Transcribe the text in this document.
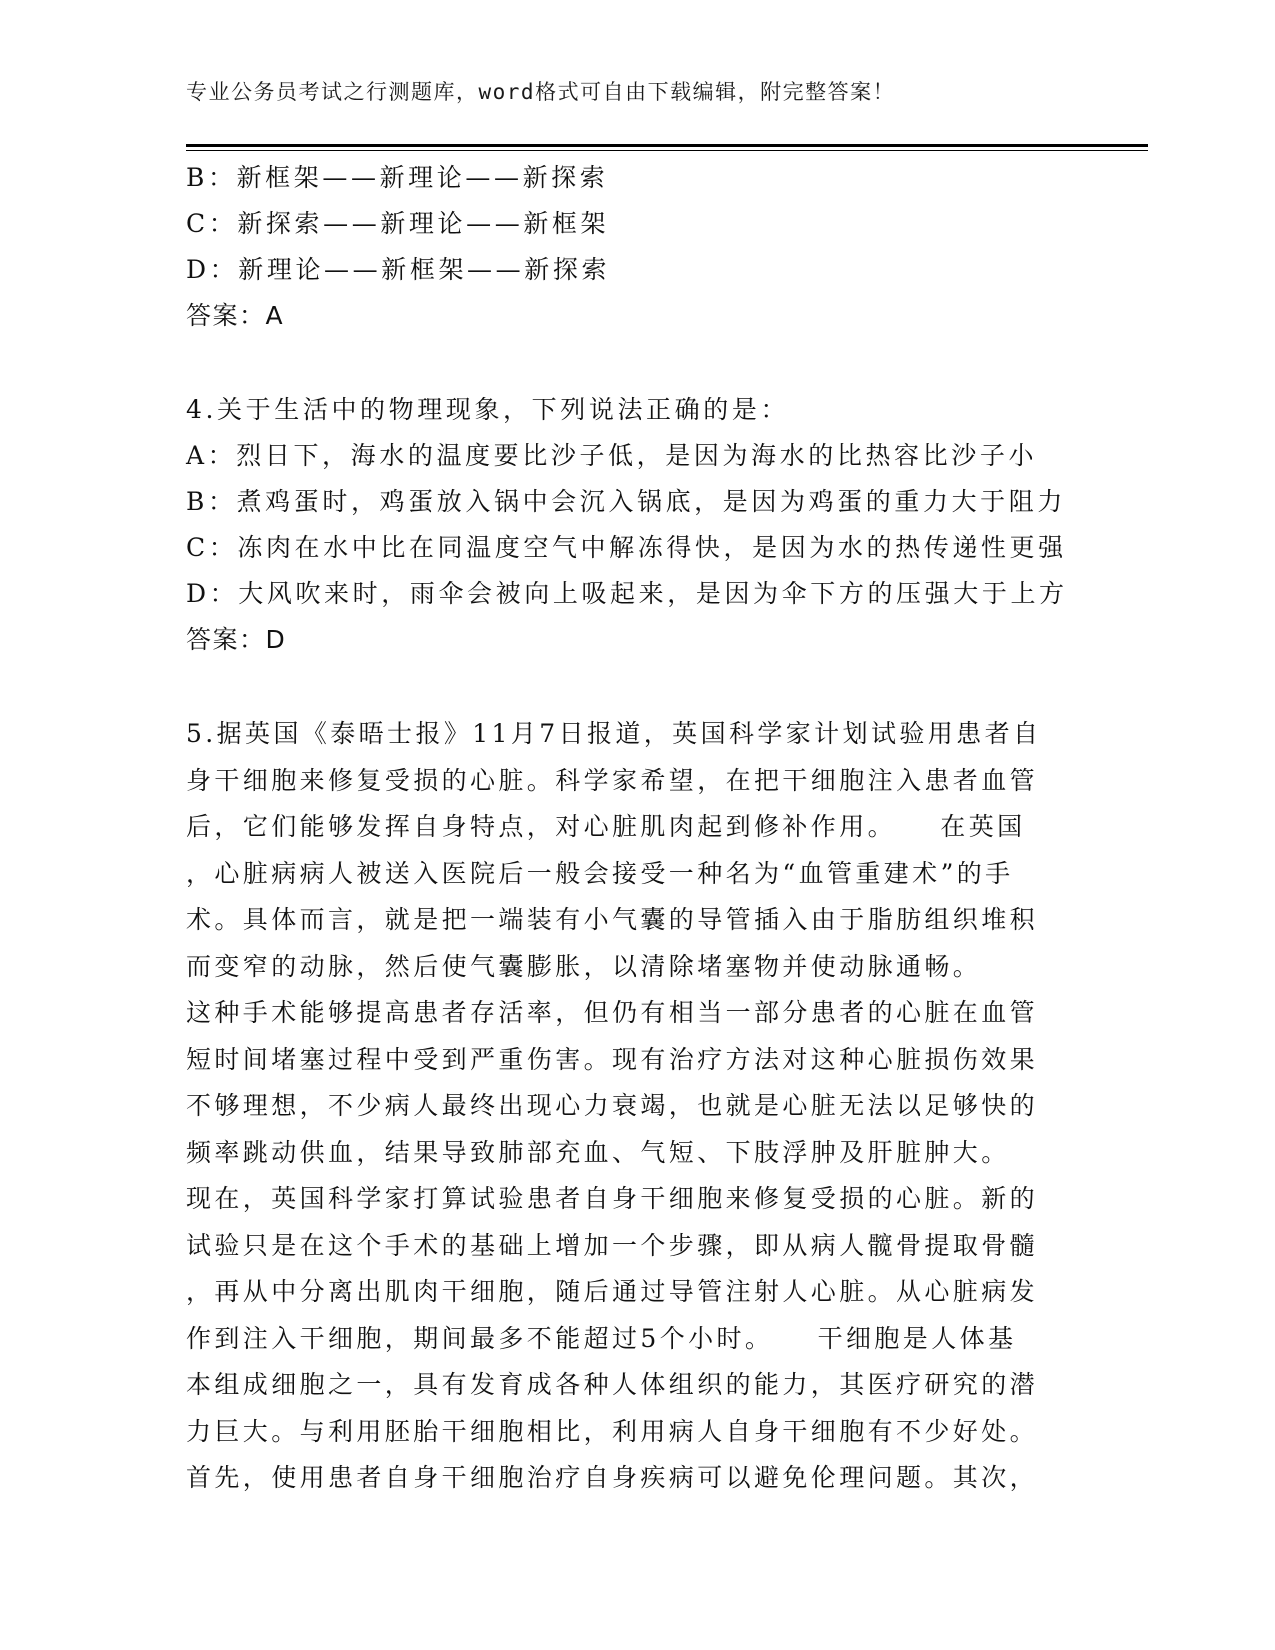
专业公务员考试之行测题库，word格式可自由下载编辑，附完整答案！
B：新框架——新理论——新探索
C：新探索——新理论——新框架
D：新理论——新框架——新探索
答案：A
4.关于生活中的物理现象，下列说法正确的是：
A：烈日下，海水的温度要比沙子低，是因为海水的比热容比沙子小
B：煮鸡蛋时，鸡蛋放入锅中会沉入锅底，是因为鸡蛋的重力大于阻力
C：冻肉在水中比在同温度空气中解冻得快，是因为水的热传递性更强
D：大风吹来时，雨伞会被向上吸起来，是因为伞下方的压强大于上方
答案：D
5.据英国《泰晤士报》11月7日报道，英国科学家计划试验用患者自
身干细胞来修复受损的心脏。科学家希望，在把干细胞注入患者血管
后，它们能够发挥自身特点，对心脏肌肉起到修补作用。　　在英国
，心脏病病人被送入医院后一般会接受一种名为“血管重建术”的手
术。具体而言，就是把一端装有小气囊的导管插入由于脂肪组织堆积
而变窄的动脉，然后使气囊膨胀，以清除堵塞物并使动脉通畅。
这种手术能够提高患者存活率，但仍有相当一部分患者的心脏在血管
短时间堵塞过程中受到严重伤害。现有治疗方法对这种心脏损伤效果
不够理想，不少病人最终出现心力衰竭，也就是心脏无法以足够快的
频率跳动供血，结果导致肺部充血、气短、下肢浮肿及肝脏肿大。
现在，英国科学家打算试验患者自身干细胞来修复受损的心脏。新的
试验只是在这个手术的基础上增加一个步骤，即从病人髋骨提取骨髓
，再从中分离出肌肉干细胞，随后通过导管注射人心脏。从心脏病发
作到注入干细胞，期间最多不能超过5个小时。　　干细胞是人体基
本组成细胞之一，具有发育成各种人体组织的能力，其医疗研究的潜
力巨大。与利用胚胎干细胞相比，利用病人自身干细胞有不少好处。
首先，使用患者自身干细胞治疗自身疾病可以避免伦理问题。其次，
